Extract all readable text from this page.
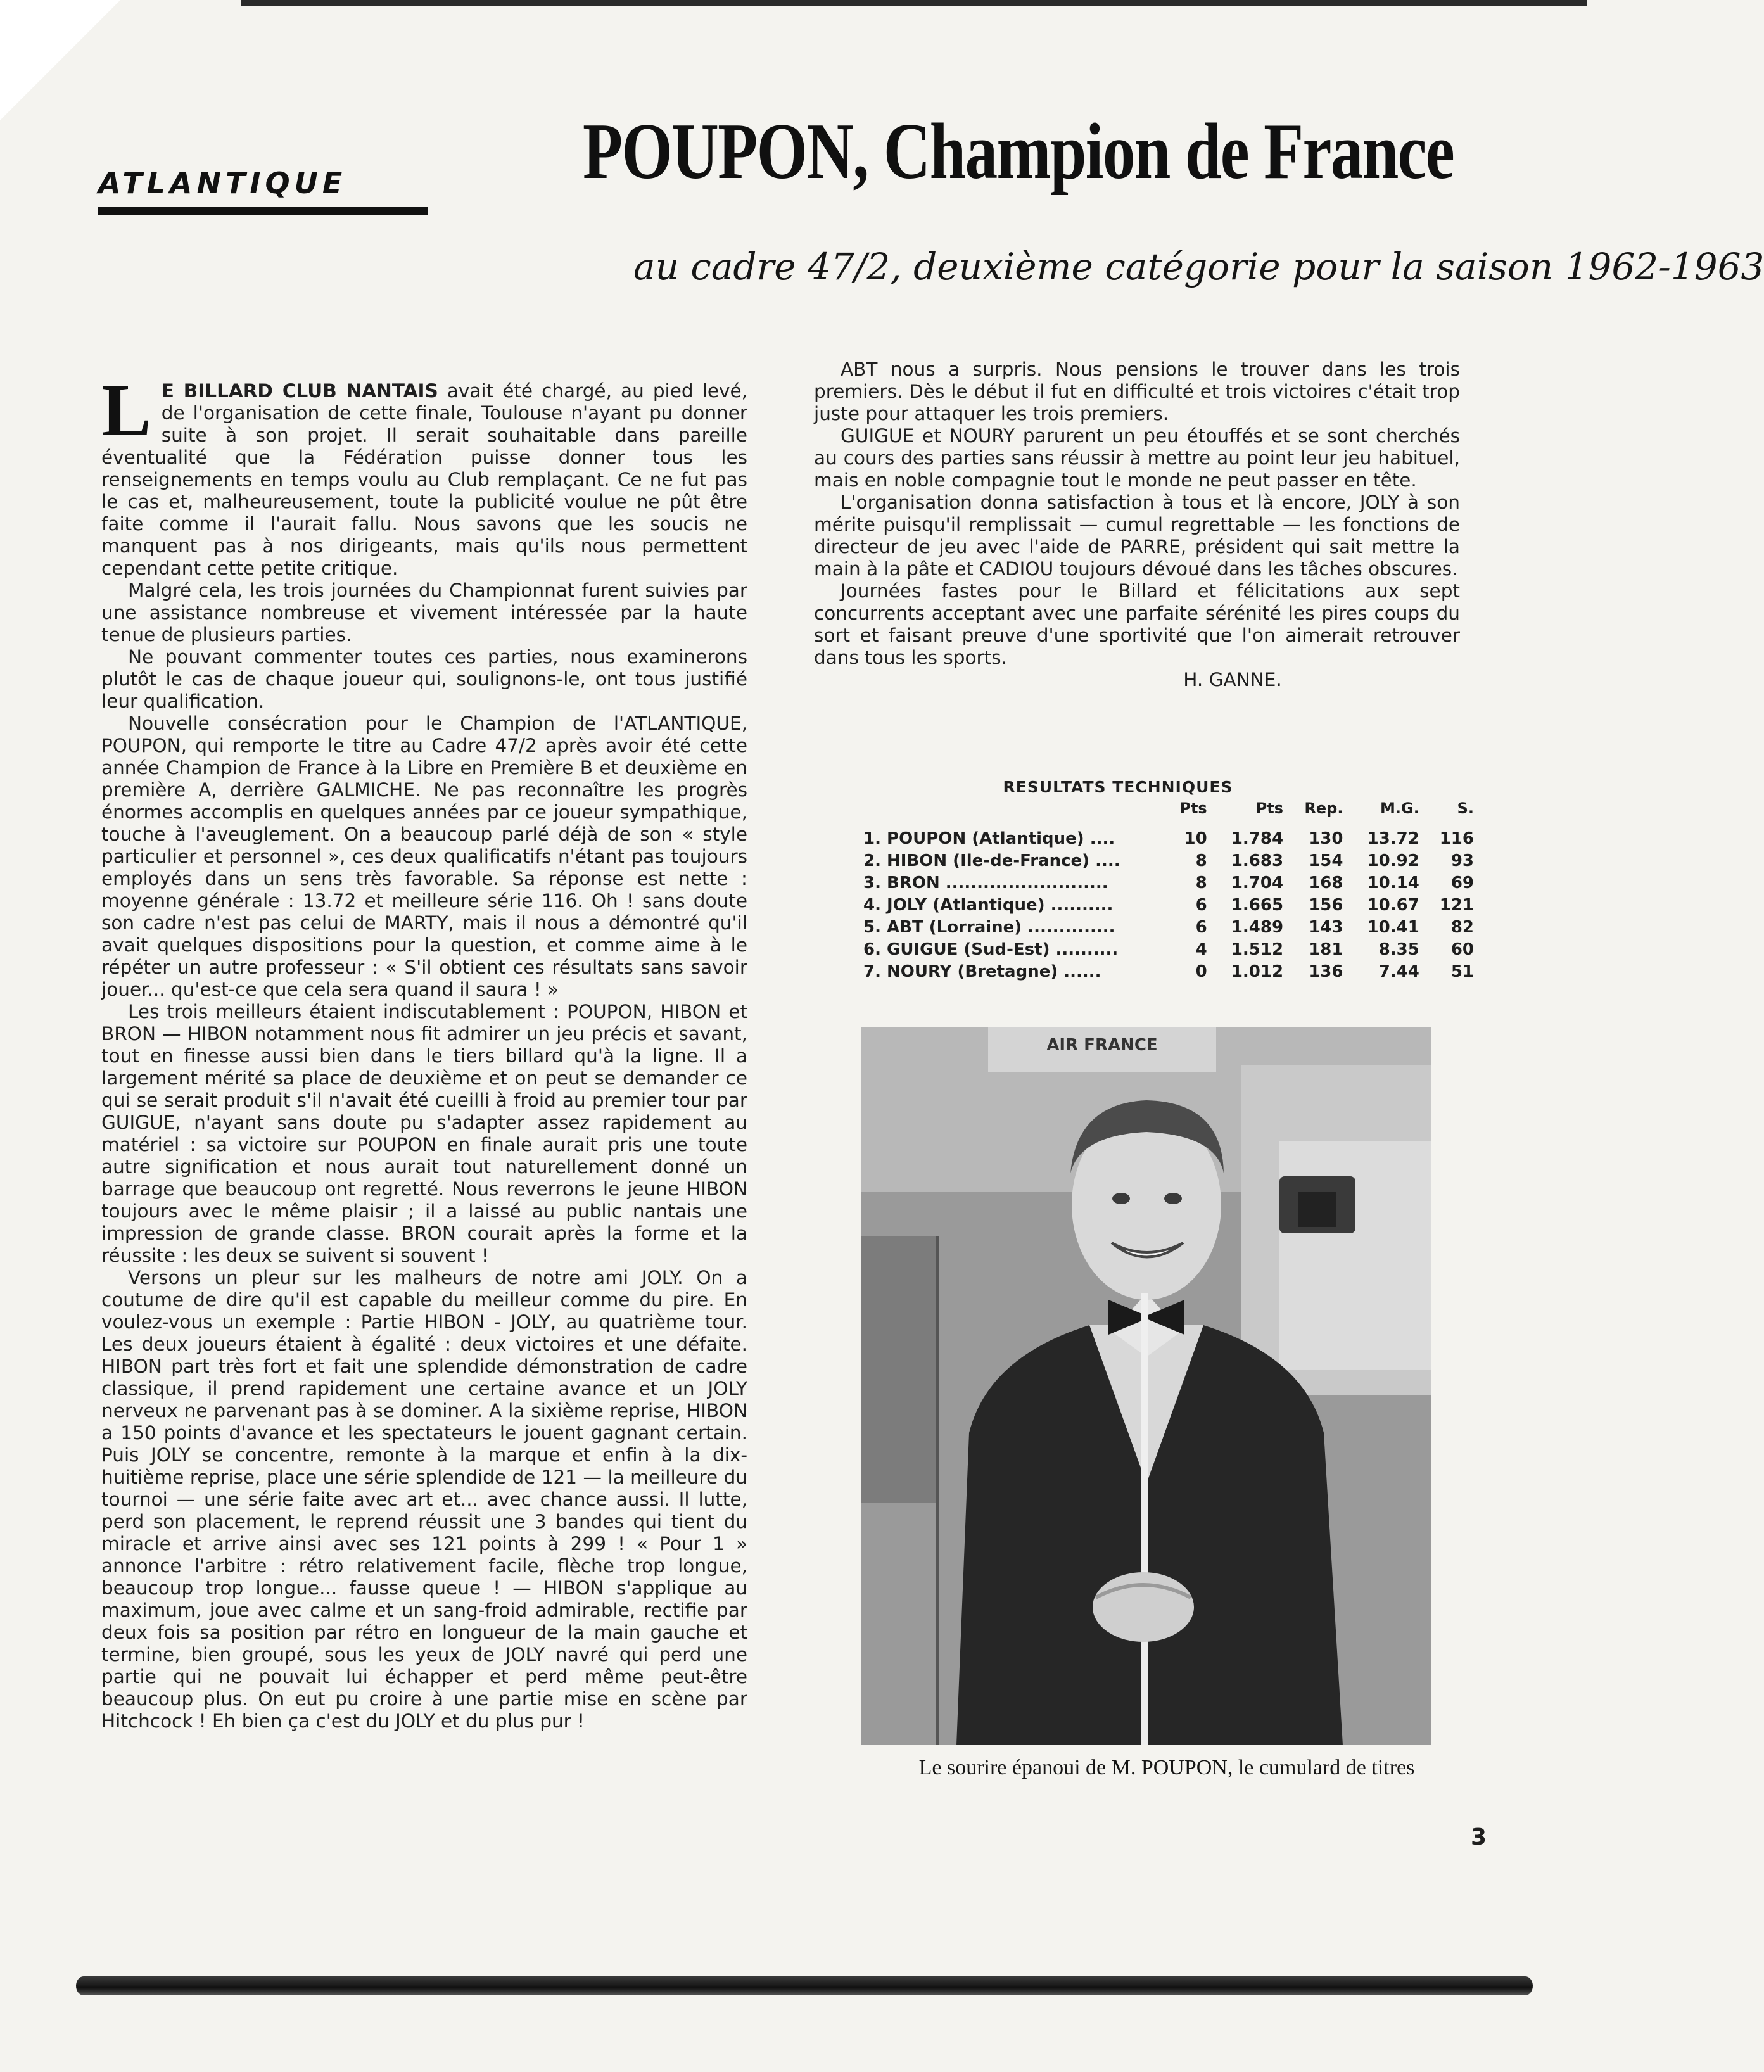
ATLANTIQUE	POUPON, Champion de France
au cadre 47/2, deuxième catégorie pour la saison 1962-1963

L E BILLARD CLUB NANTAIS avait été chargé, au pied levé, de l'organisation de cette finale, Toulouse n'ayant pu donner suite à son projet. Il serait souhaitable dans pareille éventualité que la Fédération puisse donner tous les renseignements en temps voulu au Club remplaçant. Ce ne fut pas le cas et, malheureusement, toute la publicité voulue ne pût être faite comme il l'aurait fallu. Nous savons que les soucis ne manquent pas à nos dirigeants, mais qu'ils nous permettent cependant cette petite critique.

Malgré cela, les trois journées du Championnat furent suivies par une assistance nombreuse et vivement intéressée par la haute tenue de plusieurs parties.

Ne pouvant commenter toutes ces parties, nous examinerons plutôt le cas de chaque joueur qui, soulignons-le, ont tous justifié leur qualification.

Nouvelle consécration pour le Champion de l'ATLANTIQUE, POUPON, qui remporte le titre au Cadre 47/2 après avoir été cette année Champion de France à la Libre en Première B et deuxième en première A, derrière GALMICHE. Ne pas reconnaître les progrès énormes accomplis en quelques années par ce joueur sympathique, touche à l'aveuglement. On a beaucoup parlé déjà de son « style particulier et personnel », ces deux qualificatifs n'étant pas toujours employés dans un sens très favorable. Sa réponse est nette : moyenne générale : 13.72 et meilleure série 116. Oh ! sans doute son cadre n'est pas celui de MARTY, mais il nous a démontré qu'il avait quelques dispositions pour la question, et comme aime à le répéter un autre professeur : « S'il obtient ces résultats sans savoir jouer... qu'est-ce que cela sera quand il saura ! »

Les trois meilleurs étaient indiscutablement : POUPON, HIBON et BRON — HIBON notamment nous fit admirer un jeu précis et savant, tout en finesse aussi bien dans le tiers billard qu'à la ligne. Il a largement mérité sa place de deuxième et on peut se demander ce qui se serait produit s'il n'avait été cueilli à froid au premier tour par GUIGUE, n'ayant sans doute pu s'adapter assez rapidement au matériel : sa victoire sur POUPON en finale aurait pris une toute autre signification et nous aurait tout naturellement donné un barrage que beaucoup ont regretté. Nous reverrons le jeune HIBON toujours avec le même plaisir ; il a laissé au public nantais une impression de grande classe. BRON courait après la forme et la réussite : les deux se suivent si souvent !

Versons un pleur sur les malheurs de notre ami JOLY. On a coutume de dire qu'il est capable du meilleur comme du pire. En voulez-vous un exemple : Partie HIBON - JOLY, au quatrième tour. Les deux joueurs étaient à égalité : deux victoires et une défaite. HIBON part très fort et fait une splendide démonstration de cadre classique, il prend rapidement une certaine avance et un JOLY nerveux ne parvenant pas à se dominer. A la sixième reprise, HIBON a 150 points d'avance et les spectateurs le jouent gagnant certain. Puis JOLY se concentre, remonte à la marque et enfin à la dix-huitième reprise, place une série splendide de 121 — la meilleure du tournoi — une série faite avec art et... avec chance aussi. Il lutte, perd son placement, le reprend réussit une 3 bandes qui tient du miracle et arrive ainsi avec ses 121 points à 299 ! « Pour 1 » annonce l'arbitre : rétro relativement facile, flèche trop longue, beaucoup trop longue... fausse queue ! — HIBON s'applique au maximum, joue avec calme et un sang-froid admirable, rectifie par deux fois sa position par rétro en longueur de la main gauche et termine, bien groupé, sous les yeux de JOLY navré qui perd une partie qui ne pouvait lui échapper et perd même peut-être beaucoup plus. On eut pu croire à une partie mise en scène par Hitchcock ! Eh bien ça c'est du JOLY et du plus pur !

ABT nous a surpris. Nous pensions le trouver dans les trois premiers. Dès le début il fut en difficulté et trois victoires c'était trop juste pour attaquer les trois premiers.

GUIGUE et NOURY parurent un peu étouffés et se sont cherchés au cours des parties sans réussir à mettre au point leur jeu habituel, mais en noble compagnie tout le monde ne peut passer en tête.

L'organisation donna satisfaction à tous et là encore, JOLY à son mérite puisqu'il remplissait — cumul regrettable — les fonctions de directeur de jeu avec l'aide de PARRE, président qui sait mettre la main à la pâte et CADIOU toujours dévoué dans les tâches obscures.

Journées fastes pour le Billard et félicitations aux sept concurrents acceptant avec une parfaite sérénité les pires coups du sort et faisant preuve d'une sportivité que l'on aimerait retrouver dans tous les sports.

H. GANNE.

RESULTATS TECHNIQUES
	Pts	Pts	Rep.	M.G.	S.
1. POUPON (Atlantique) ....	10	1.784	130	13.72	116
2. HIBON (Ile-de-France) ....	8	1.683	154	10.92	93
3. BRON ..........................	8	1.704	168	10.14	69
4. JOLY (Atlantique) ..........	6	1.665	156	10.67	121
5. ABT (Lorraine) ..............	6	1.489	143	10.41	82
6. GUIGUE (Sud-Est) ..........	4	1.512	181	8.35	60
7. NOURY (Bretagne) ......	0	1.012	136	7.44	51
AIR FRANCE
Le sourire épanoui de M. POUPON, le cumulard de titres
3
